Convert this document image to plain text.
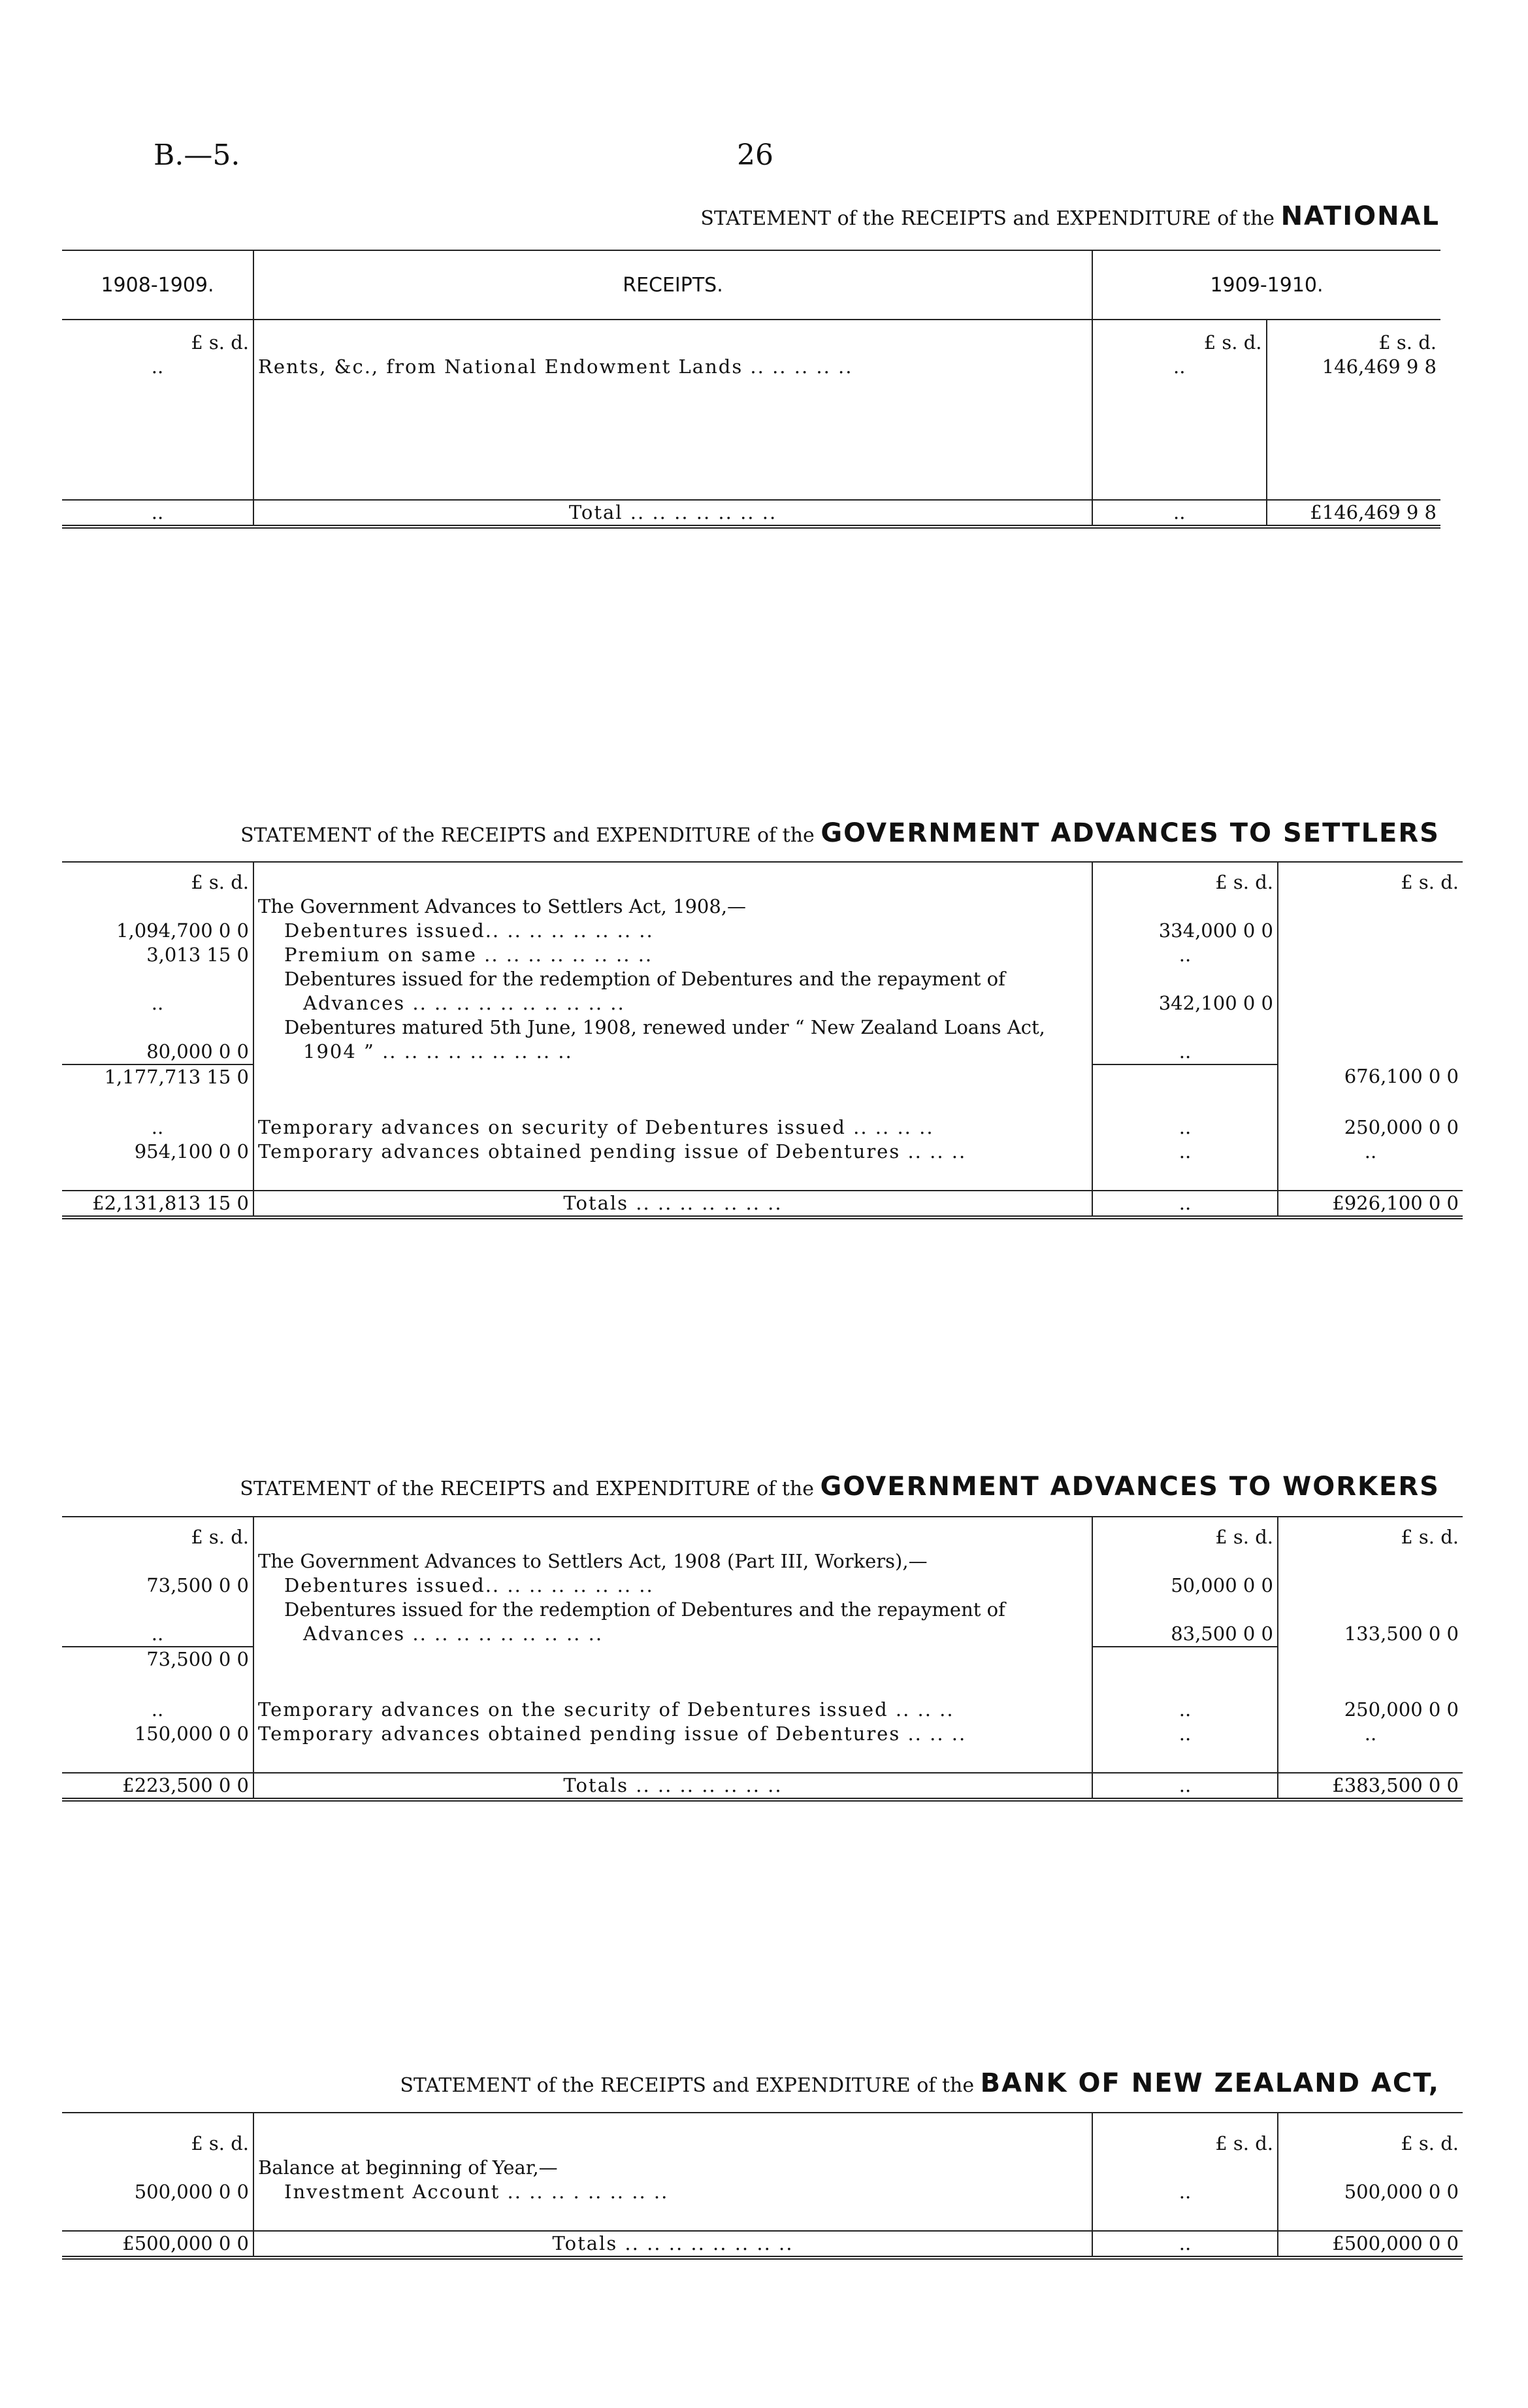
B.—5.	26
STATEMENT of the RECEIPTS and EXPENDITURE of the NATIONAL
1908-1909.	RECEIPTS.	1909-1910.	
£ s. d.		£ s. d.	£ s. d.
..	Rents, &c., from National Endowment Lands .. .. .. .. ..	..	146,469 9 8

..	Total .. .. .. .. .. .. ..	..	£146,469 9 8
STATEMENT of the RECEIPTS and EXPENDITURE of the GOVERNMENT ADVANCES TO SETTLERS
£ s. d.		£ s. d.	£ s. d.
	The Government Advances to Settlers Act, 1908,—		
1,094,700 0 0	Debentures issued.. .. .. .. .. .. .. ..	334,000 0 0	
3,013 15 0	Premium on same .. .. .. .. .. .. .. ..	..	
	Debentures issued for the redemption of Debentures and the repayment of		
..	Advances .. .. .. .. .. .. .. .. .. ..	342,100 0 0	
	Debentures matured 5th June, 1908, renewed under “ New Zealand Loans Act,		
80,000 0 0	1904 ” .. .. .. .. .. .. .. .. ..	..	
1,177,713 15 0			676,100 0 0

..	Temporary advances on security of Debentures issued .. .. .. ..	..	250,000 0 0
954,100 0 0	Temporary advances obtained pending issue of Debentures .. .. ..	..	..

£2,131,813 15 0	Totals .. .. .. .. .. .. ..	..	£926,100 0 0
STATEMENT of the RECEIPTS and EXPENDITURE of the GOVERNMENT ADVANCES TO WORKERS
£ s. d.		£ s. d.	£ s. d.
	The Government Advances to Settlers Act, 1908 (Part III, Workers),—		
73,500 0 0	Debentures issued.. .. .. .. .. .. .. ..	50,000 0 0	
	Debentures issued for the redemption of Debentures and the repayment of		
..	Advances .. .. .. .. .. .. .. .. ..	83,500 0 0	133,500 0 0
73,500 0 0			

..	Temporary advances on the security of Debentures issued .. .. ..	..	250,000 0 0
150,000 0 0	Temporary advances obtained pending issue of Debentures .. .. ..	..	..

£223,500 0 0	Totals .. .. .. .. .. .. ..	..	£383,500 0 0
STATEMENT of the RECEIPTS and EXPENDITURE of the BANK OF NEW ZEALAND ACT,
£ s. d.		£ s. d.	£ s. d.
	Balance at beginning of Year,—		
500,000 0 0	Investment Account .. .. .. . .. .. .. ..	..	500,000 0 0

£500,000 0 0	Totals .. .. .. .. .. .. .. ..	..	£500,000 0 0
